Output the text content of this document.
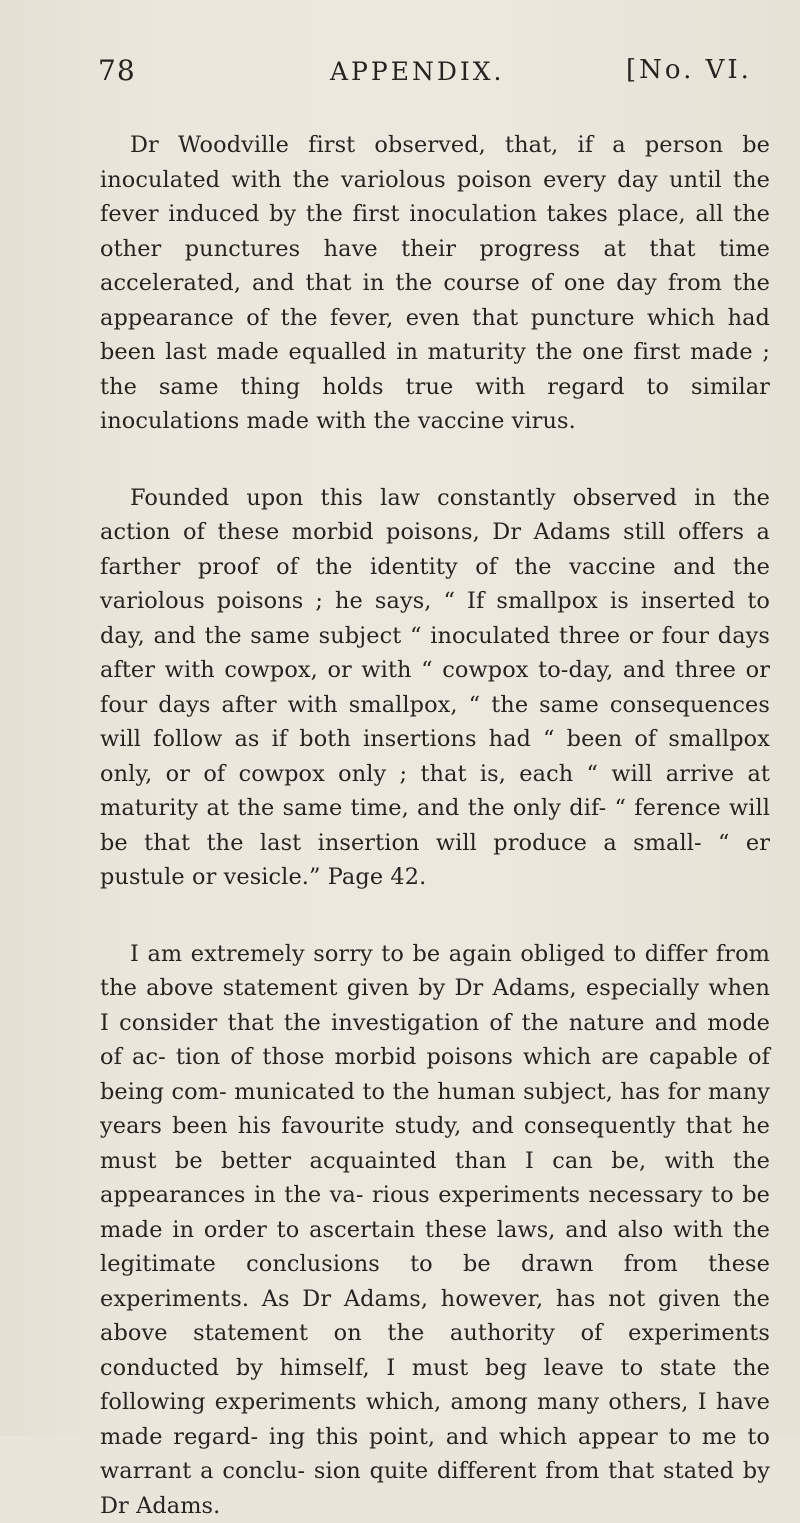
78	APPENDIX.	[No. VI.

Dr Woodville first observed, that, if a person be inoculated with the variolous poison every day until the fever induced by the first inoculation takes place, all the other punctures have their progress at that time accelerated, and that in the course of one day from the appearance of the fever, even that puncture which had been last made equalled in maturity the one first made ; the same thing holds true with regard to similar inoculations made with the vaccine virus.

Founded upon this law constantly observed in the action of these morbid poisons, Dr Adams still offers a farther proof of the identity of the vaccine and the variolous poisons ; he says, “ If smallpox is inserted to day, and the same subject “ inoculated three or four days after with cowpox, or with “ cowpox to-day, and three or four days after with smallpox, “ the same consequences will follow as if both insertions had “ been of smallpox only, or of cowpox only ; that is, each “ will arrive at maturity at the same time, and the only dif- “ ference will be that the last insertion will produce a small- “ er pustule or vesicle.” Page 42.

I am extremely sorry to be again obliged to differ from the above statement given by Dr Adams, especially when I consider that the investigation of the nature and mode of ac- tion of those morbid poisons which are capable of being com- municated to the human subject, has for many years been his favourite study, and consequently that he must be better acquainted than I can be, with the appearances in the va- rious experiments necessary to be made in order to ascertain these laws, and also with the legitimate conclusions to be drawn from these experiments. As Dr Adams, however, has not given the above statement on the authority of experiments conducted by himself, I must beg leave to state the following experiments which, among many others, I have made regard- ing this point, and which appear to me to warrant a conclu- sion quite different from that stated by Dr Adams.
